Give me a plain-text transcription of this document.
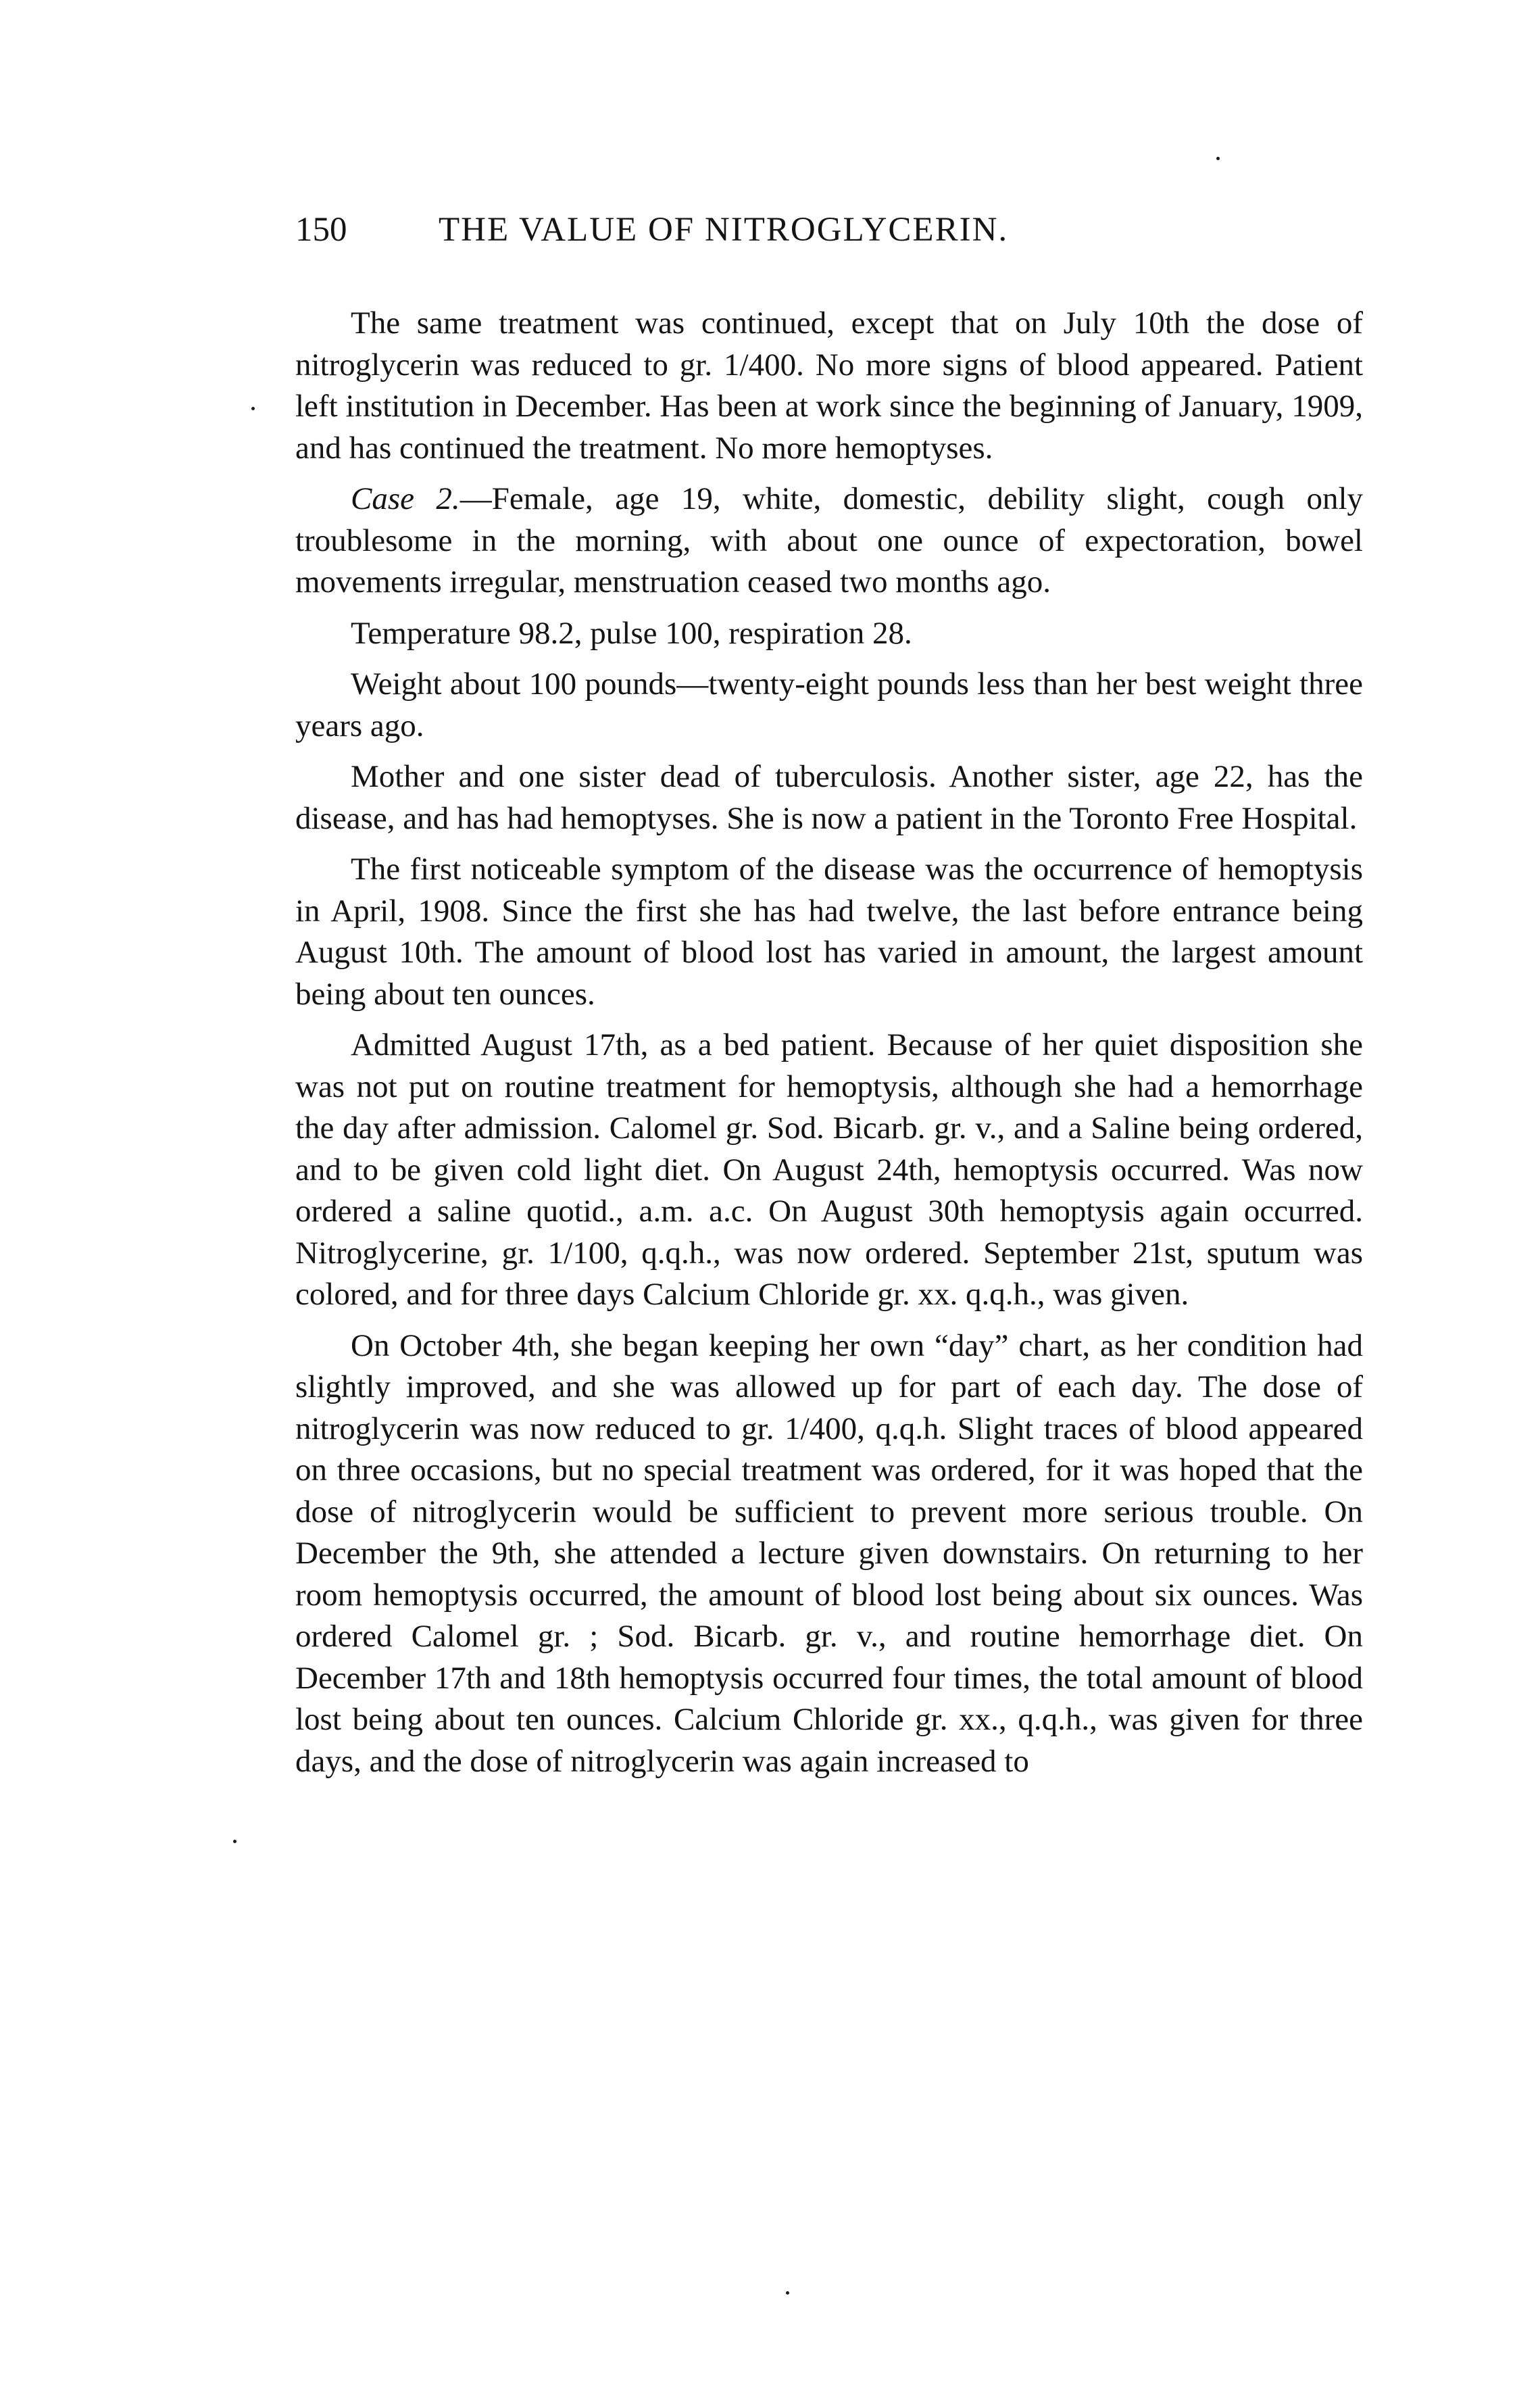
150	THE VALUE OF NITROGLYCERIN.

The same treatment was continued, except that on July 10th the dose of nitroglycerin was reduced to gr. 1/400. No more signs of blood appeared. Patient left institution in December. Has been at work since the beginning of January, 1909, and has continued the treatment. No more hemoptyses.

Case 2.—Female, age 19, white, domestic, debility slight, cough only troublesome in the morning, with about one ounce of expectoration, bowel movements irregular, menstruation ceased two months ago.

Temperature 98.2, pulse 100, respiration 28.

Weight about 100 pounds—twenty-eight pounds less than her best weight three years ago.

Mother and one sister dead of tuberculosis. Another sister, age 22, has the disease, and has had hemoptyses. She is now a patient in the Toronto Free Hospital.

The first noticeable symptom of the disease was the occurrence of hemoptysis in April, 1908. Since the first she has had twelve, the last before entrance being August 10th. The amount of blood lost has varied in amount, the largest amount being about ten ounces.

Admitted August 17th, as a bed patient. Because of her quiet disposition she was not put on routine treatment for hemoptysis, although she had a hemorrhage the day after admission. Calomel gr. Sod. Bicarb. gr. v., and a Saline being ordered, and to be given cold light diet. On August 24th, hemoptysis occurred. Was now ordered a saline quotid., a.m. a.c. On August 30th hemoptysis again occurred. Nitroglycerine, gr. 1/100, q.q.h., was now ordered. September 21st, sputum was colored, and for three days Calcium Chloride gr. xx. q.q.h., was given.

On October 4th, she began keeping her own “day” chart, as her condition had slightly improved, and she was allowed up for part of each day. The dose of nitroglycerin was now reduced to gr. 1/400, q.q.h. Slight traces of blood appeared on three occasions, but no special treatment was ordered, for it was hoped that the dose of nitroglycerin would be sufficient to prevent more serious trouble. On December the 9th, she attended a lecture given downstairs. On returning to her room hemoptysis occurred, the amount of blood lost being about six ounces. Was ordered Calomel gr. ; Sod. Bicarb. gr. v., and routine hemorrhage diet. On December 17th and 18th hemoptysis occurred four times, the total amount of blood lost being about ten ounces. Calcium Chloride gr. xx., q.q.h., was given for three days, and the dose of nitroglycerin was again increased to
